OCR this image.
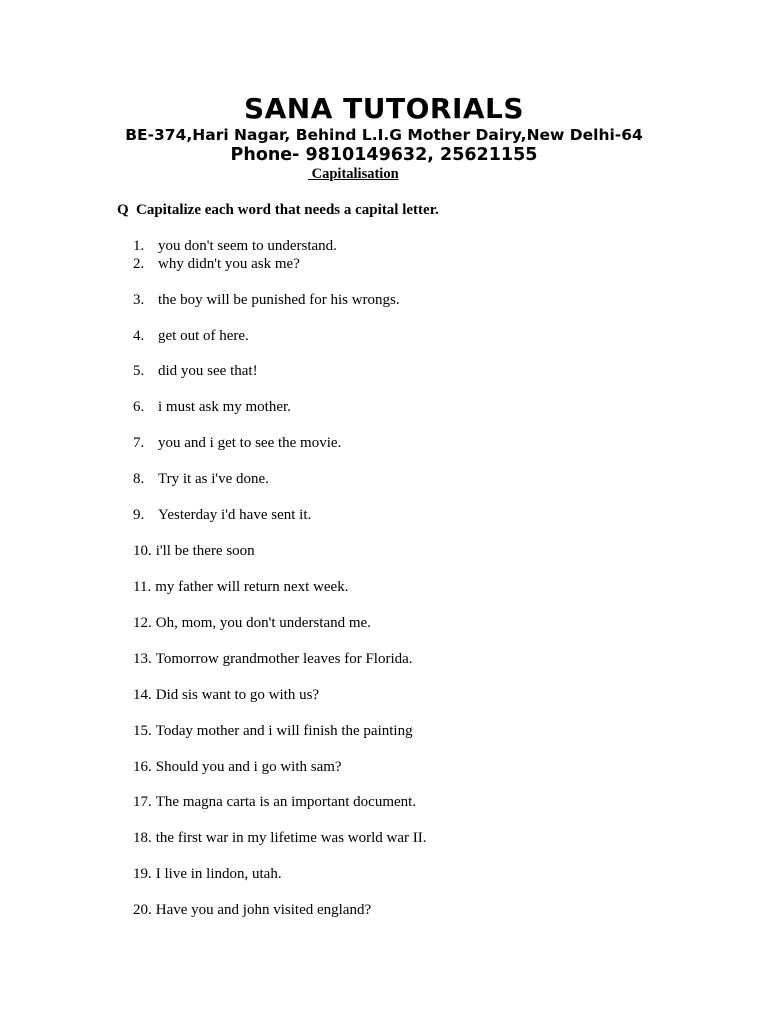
SANA TUTORIALS
BE-374,Hari Nagar, Behind L.I.G Mother Dairy,New Delhi-64
Phone- 9810149632, 25621155
Capitalisation
Q Capitalize each word that needs a capital letter.
1. you don't seem to understand.
2. why didn't you ask me?
3. the boy will be punished for his wrongs.
4. get out of here.
5. did you see that!
6. i must ask my mother.
7. you and i get to see the movie.
8. Try it as i've done.
9. Yesterday i'd have sent it.
10. i'll be there soon
11. my father will return next week.
12. Oh, mom, you don't understand me.
13. Tomorrow grandmother leaves for Florida.
14. Did sis want to go with us?
15. Today mother and i will finish the painting
16. Should you and i go with sam?
17. The magna carta is an important document.
18. the first war in my lifetime was world war II.
19. I live in lindon, utah.
20. Have you and john visited england?
